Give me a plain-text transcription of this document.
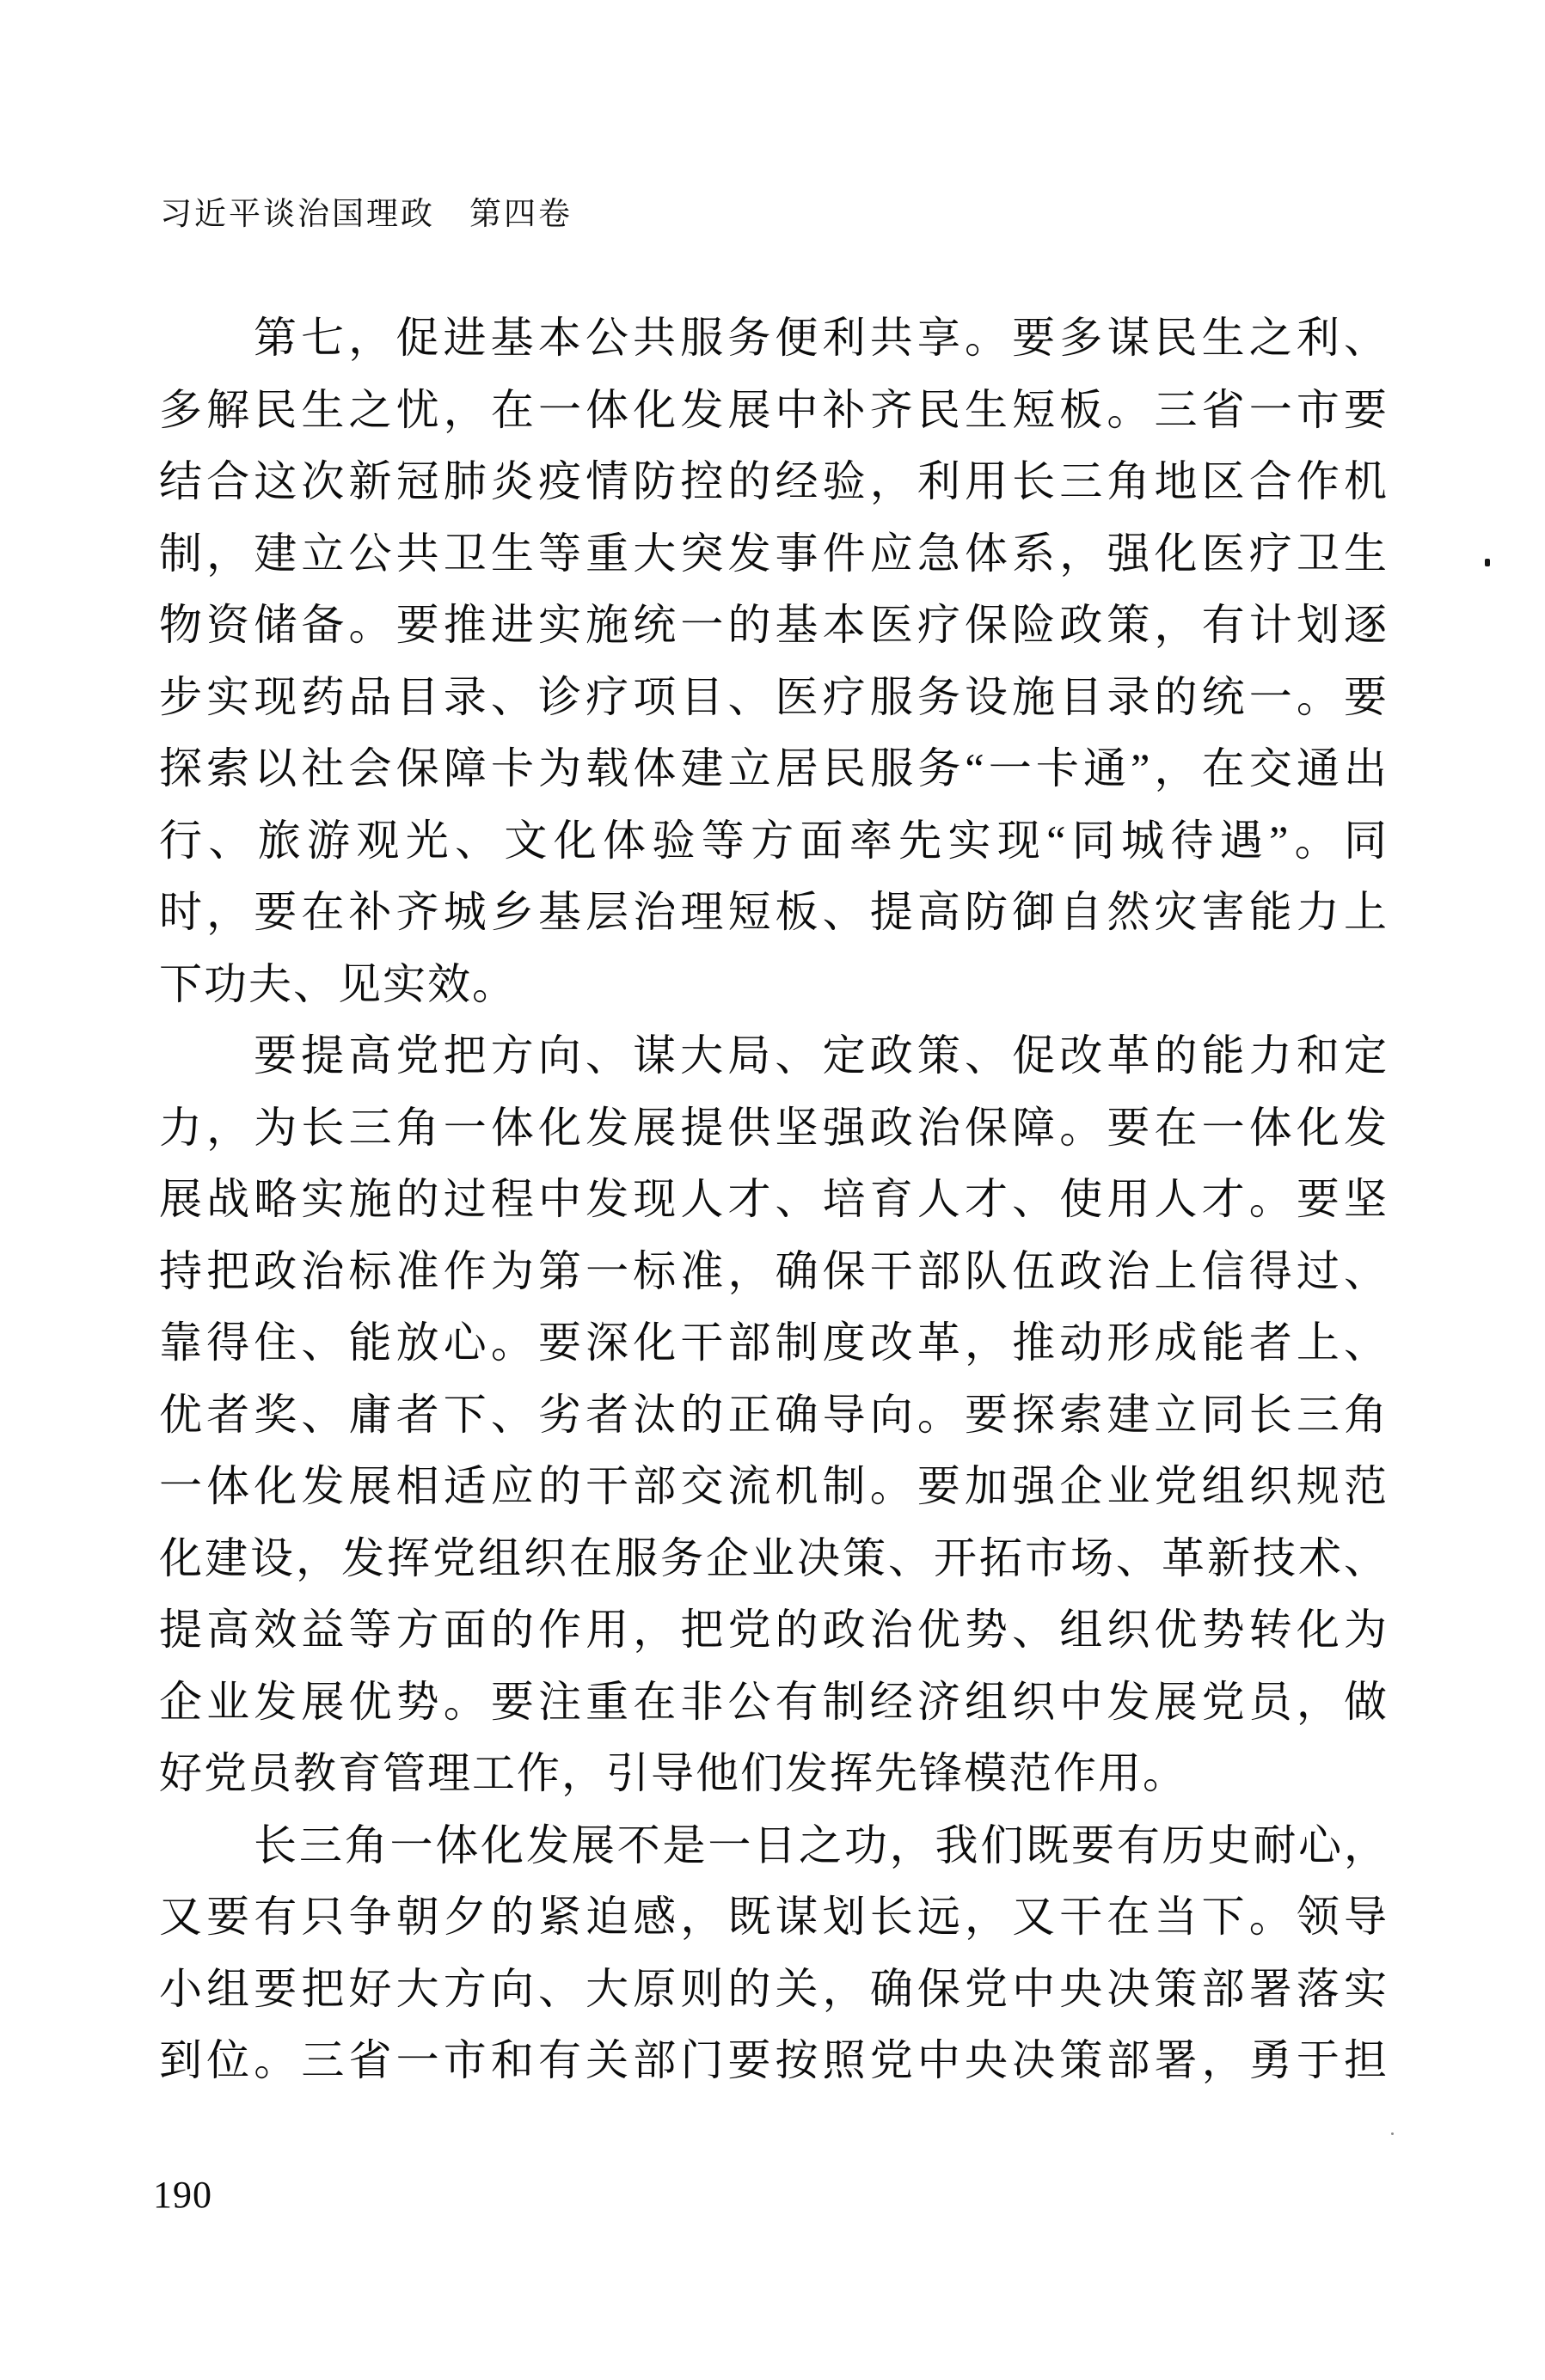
习近平谈治国理政　第四卷
第七，促进基本公共服务便利共享。要多谋民生之利、
多解民生之忧，在一体化发展中补齐民生短板。三省一市要
结合这次新冠肺炎疫情防控的经验，利用长三角地区合作机
制，建立公共卫生等重大突发事件应急体系，强化医疗卫生
物资储备。要推进实施统一的基本医疗保险政策，有计划逐
步实现药品目录、诊疗项目、医疗服务设施目录的统一。要
探索以社会保障卡为载体建立居民服务“一卡通”，在交通出
行、旅游观光、文化体验等方面率先实现“同城待遇”。同
时，要在补齐城乡基层治理短板、提高防御自然灾害能力上
下功夫、见实效。
要提高党把方向、谋大局、定政策、促改革的能力和定
力，为长三角一体化发展提供坚强政治保障。要在一体化发
展战略实施的过程中发现人才、培育人才、使用人才。要坚
持把政治标准作为第一标准，确保干部队伍政治上信得过、
靠得住、能放心。要深化干部制度改革，推动形成能者上、
优者奖、庸者下、劣者汰的正确导向。要探索建立同长三角
一体化发展相适应的干部交流机制。要加强企业党组织规范
化建设，发挥党组织在服务企业决策、开拓市场、革新技术、
提高效益等方面的作用，把党的政治优势、组织优势转化为
企业发展优势。要注重在非公有制经济组织中发展党员，做
好党员教育管理工作，引导他们发挥先锋模范作用。
长三角一体化发展不是一日之功，我们既要有历史耐心，
又要有只争朝夕的紧迫感，既谋划长远，又干在当下。领导
小组要把好大方向、大原则的关，确保党中央决策部署落实
到位。三省一市和有关部门要按照党中央决策部署，勇于担
190
